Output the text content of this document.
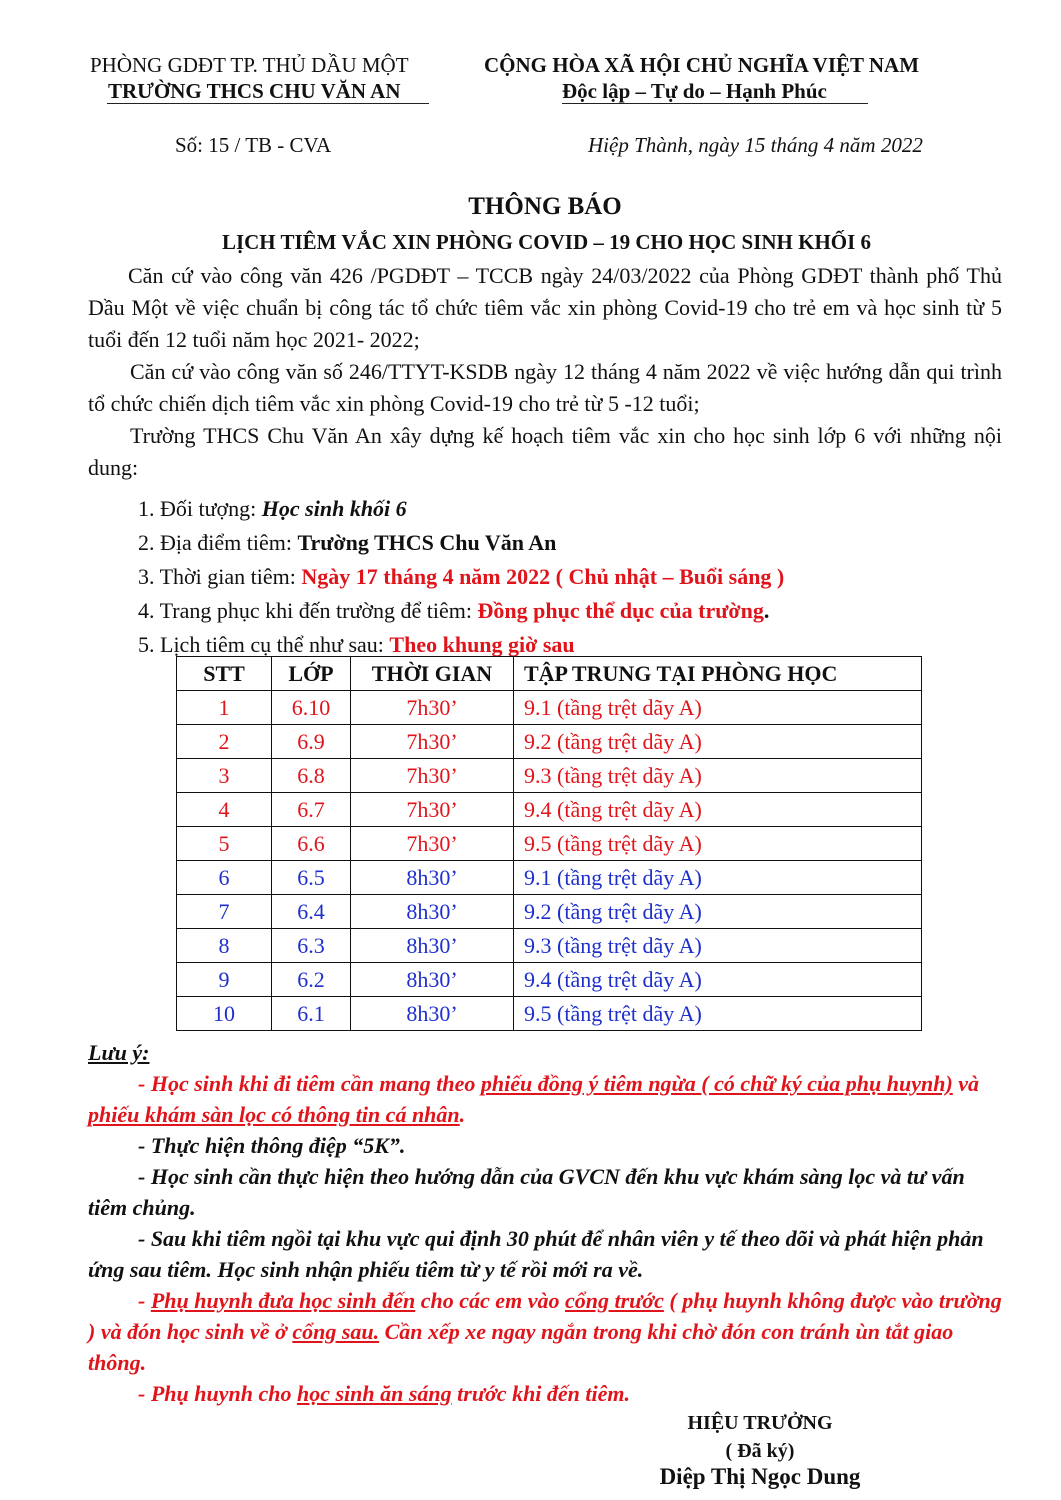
PHÒNG GDĐT TP. THỦ DẦU MỘT
TRƯỜNG THCS CHU VĂN AN
CỘNG HÒA XÃ HỘI CHỦ NGHĨA VIỆT NAM
Độc lập – Tự do – Hạnh Phúc
Số: 15 / TB - CVA	Hiệp Thành, ngày 15 tháng 4 năm 2022
THÔNG BÁO
LỊCH TIÊM VẮC XIN PHÒNG COVID – 19 CHO HỌC SINH KHỐI 6

Căn cứ vào công văn 426 /PGDĐT – TCCB ngày 24/03/2022 của Phòng GDĐT thành phố Thủ Dầu Một về việc chuẩn bị công tác tổ chức tiêm vắc xin phòng Covid-19 cho trẻ em và học sinh từ 5 tuổi đến 12 tuổi năm học 2021- 2022;

Căn cứ vào công văn số 246/TTYT-KSDB ngày 12 tháng 4 năm 2022 về việc hướng dẫn qui trình tổ chức chiến dịch tiêm vắc xin phòng Covid-19 cho trẻ từ 5 -12 tuổi;

Trường THCS Chu Văn An xây dựng kế hoạch tiêm vắc xin cho học sinh lớp 6 với những nội dung:

1. Đối tượng: Học sinh khối 6
2. Địa điểm tiêm: Trường THCS Chu Văn An
3. Thời gian tiêm: Ngày 17 tháng 4 năm 2022 ( Chủ nhật – Buổi sáng )
4. Trang phục khi đến trường để tiêm: Đồng phục thể dục của trường.
5. Lịch tiêm cụ thể như sau: Theo khung giờ sau
STT	LỚP	THỜI GIAN	TẬP TRUNG TẠI PHÒNG HỌC
1	6.10	7h30’	9.1 (tầng trệt dãy A)
2	6.9	7h30’	9.2 (tầng trệt dãy A)
3	6.8	7h30’	9.3 (tầng trệt dãy A)
4	6.7	7h30’	9.4 (tầng trệt dãy A)
5	6.6	7h30’	9.5 (tầng trệt dãy A)
6	6.5	8h30’	9.1 (tầng trệt dãy A)
7	6.4	8h30’	9.2 (tầng trệt dãy A)
8	6.3	8h30’	9.3 (tầng trệt dãy A)
9	6.2	8h30’	9.4 (tầng trệt dãy A)
10	6.1	8h30’	9.5 (tầng trệt dãy A)
Lưu ý:

- Học sinh khi đi tiêm cần mang theo phiếu đồng ý tiêm ngừa ( có chữ ký của phụ huynh) và phiếu khám sàn lọc có thông tin cá nhân.

- Thực hiện thông điệp “5K”.

- Học sinh cần thực hiện theo hướng dẫn của GVCN đến khu vực khám sàng lọc và tư vấn tiêm chủng.

- Sau khi tiêm ngồi tại khu vực qui định 30 phút để nhân viên y tế theo dõi và phát hiện phản ứng sau tiêm. Học sinh nhận phiếu tiêm từ y tế rồi mới ra về.

- Phụ huynh đưa học sinh đến cho các em vào cổng trước ( phụ huynh không được vào trường ) và đón học sinh về ở cổng sau. Cần xếp xe ngay ngắn trong khi chờ đón con tránh ùn tắt giao thông.

- Phụ huynh cho học sinh ăn sáng trước khi đến tiêm.

HIỆU TRƯỞNG
( Đã ký)
Diệp Thị Ngọc Dung
